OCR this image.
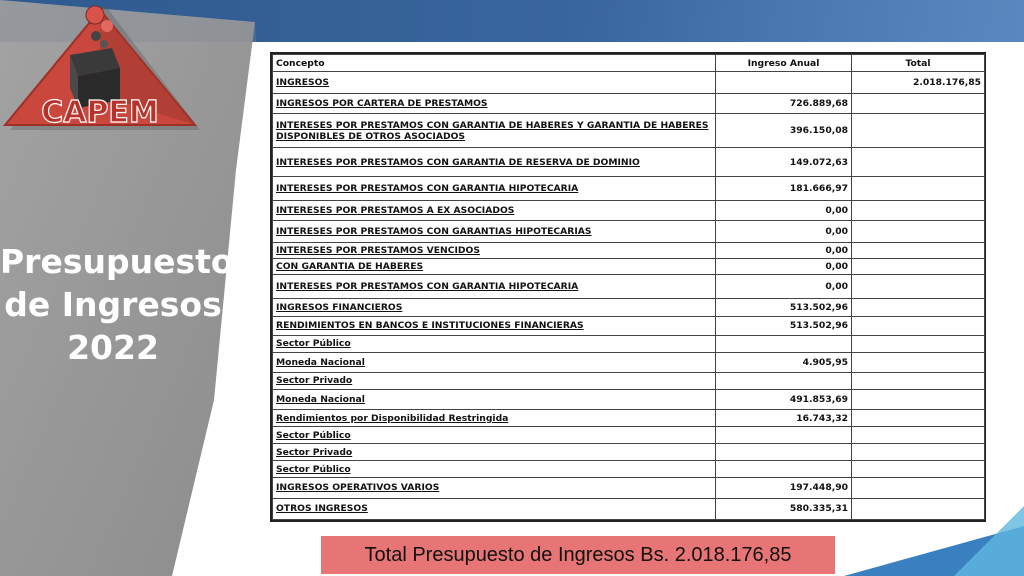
CAPEM
Presupuesto
de Ingresos
2022
Concepto	Ingreso Anual	Total
INGRESOS		2.018.176,85
INGRESOS POR CARTERA DE PRESTAMOS	726.889,68	
INTERESES POR PRESTAMOS CON GARANTIA DE HABERES Y GARANTIA DE HABERES DISPONIBLES DE OTROS ASOCIADOS	396.150,08	
INTERESES POR PRESTAMOS CON GARANTIA DE RESERVA DE DOMINIO	149.072,63	
INTERESES POR PRESTAMOS CON GARANTIA HIPOTECARIA	181.666,97	
INTERESES POR PRESTAMOS A EX ASOCIADOS	0,00	
INTERESES POR PRESTAMOS CON GARANTIAS HIPOTECARIAS	0,00	
INTERESES POR PRESTAMOS VENCIDOS	0,00	
CON GARANTIA DE HABERES	0,00	
INTERESES POR PRESTAMOS CON GARANTIA HIPOTECARIA	0,00	
INGRESOS FINANCIEROS	513.502,96	
RENDIMIENTOS EN BANCOS E INSTITUCIONES FINANCIERAS	513.502,96	
Sector Público		
Moneda Nacional	4.905,95	
Sector Privado		
Moneda Nacional	491.853,69	
Rendimientos por Disponibilidad Restringida	16.743,32	
Sector Público		
Sector Privado		
Sector Público		
INGRESOS OPERATIVOS VARIOS	197.448,90	
OTROS INGRESOS	580.335,31	
Total Presupuesto de Ingresos Bs. 2.018.176,85
